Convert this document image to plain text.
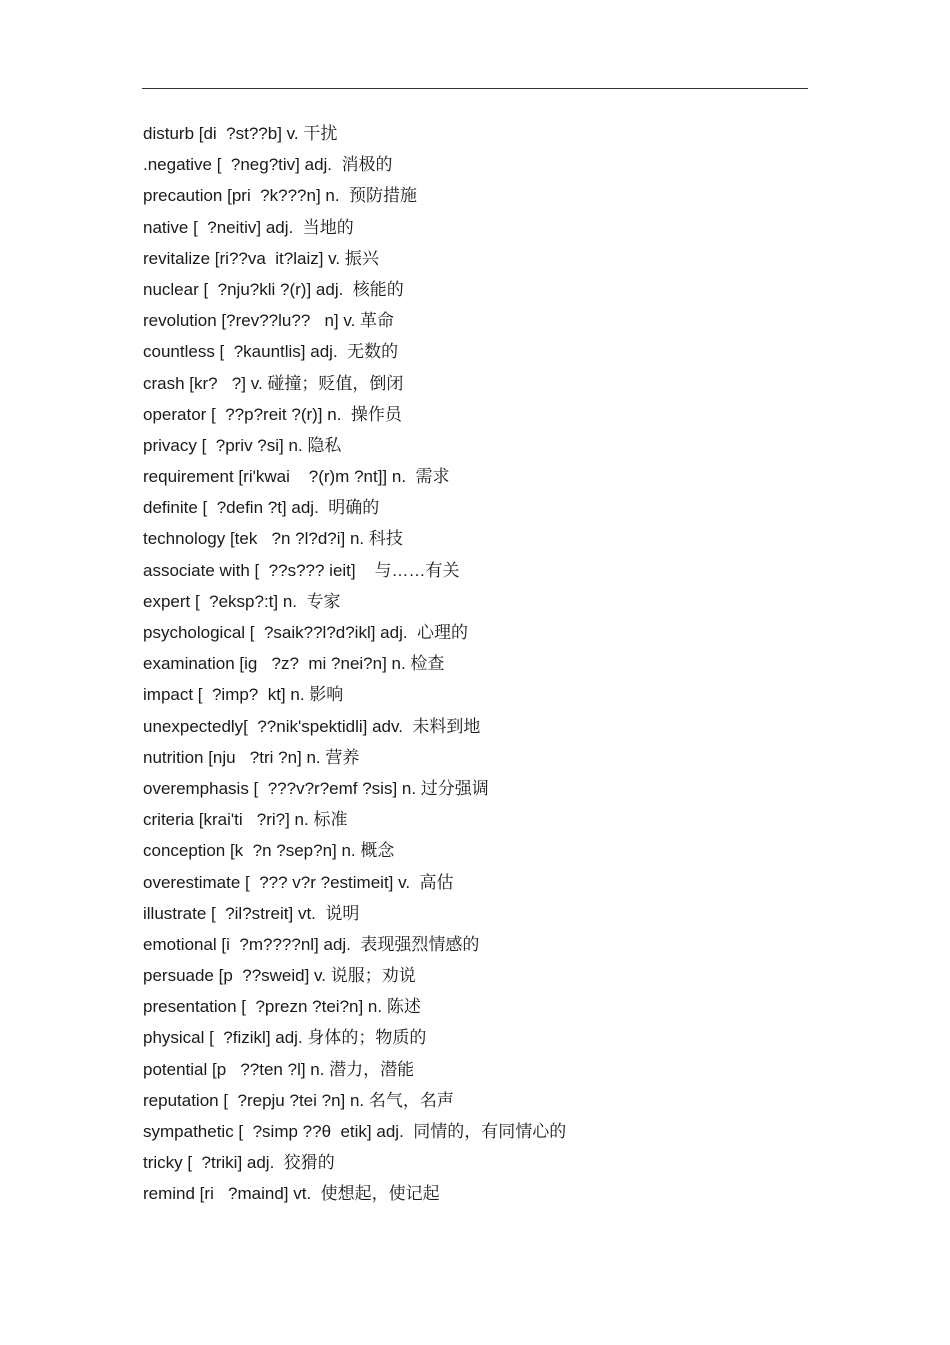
disturb [di  ?st??b] v. 干扰
.negative [  ?neg?tiv] adj.  消极的
precaution [pri  ?k???n] n.  预防措施
native [  ?neitiv] adj.  当地的
revitalize [ri??va  it?laiz] v. 振兴
nuclear [  ?nju?kli ?(r)] adj.  核能的
revolution [?rev??lu??   n] v. 革命
countless [  ?kauntlis] adj.  无数的
crash [kr?   ?] v. 碰撞；贬值，倒闭
operator [  ??p?reit ?(r)] n.  操作员
privacy [  ?priv ?si] n. 隐私
requirement [ri'kwai    ?(r)m ?nt]] n.  需求
definite [  ?defin ?t] adj.  明确的
technology [tek   ?n ?l?d?i] n. 科技
associate with [  ??s??? ieit]    与……有关
expert [  ?eksp?:t] n.  专家
psychological [  ?saik??l?d?ikl] adj.  心理的
examination [ig   ?z?  mi ?nei?n] n. 检查
impact [  ?imp?  kt] n. 影响
unexpectedly[  ??nik'spektidli] adv.  未料到地
nutrition [nju   ?tri ?n] n. 营养
overemphasis [  ???v?r?emf ?sis] n. 过分强调
criteria [krai'ti   ?ri?] n. 标准
conception [k  ?n ?sep?n] n. 概念
overestimate [  ??? v?r ?estimeit] v.  高估
illustrate [  ?il?streit] vt.  说明
emotional [i  ?m????nl] adj.  表现强烈情感的
persuade [p  ??sweid] v. 说服；劝说
presentation [  ?prezn ?tei?n] n. 陈述
physical [  ?fizikl] adj. 身体的；物质的
potential [p   ??ten ?l] n. 潜力，潜能
reputation [  ?repju ?tei ?n] n. 名气，名声
sympathetic [  ?simp ??θ  etik] adj.  同情的，有同情心的
tricky [  ?triki] adj.  狡猾的
remind [ri   ?maind] vt.  使想起，使记起
